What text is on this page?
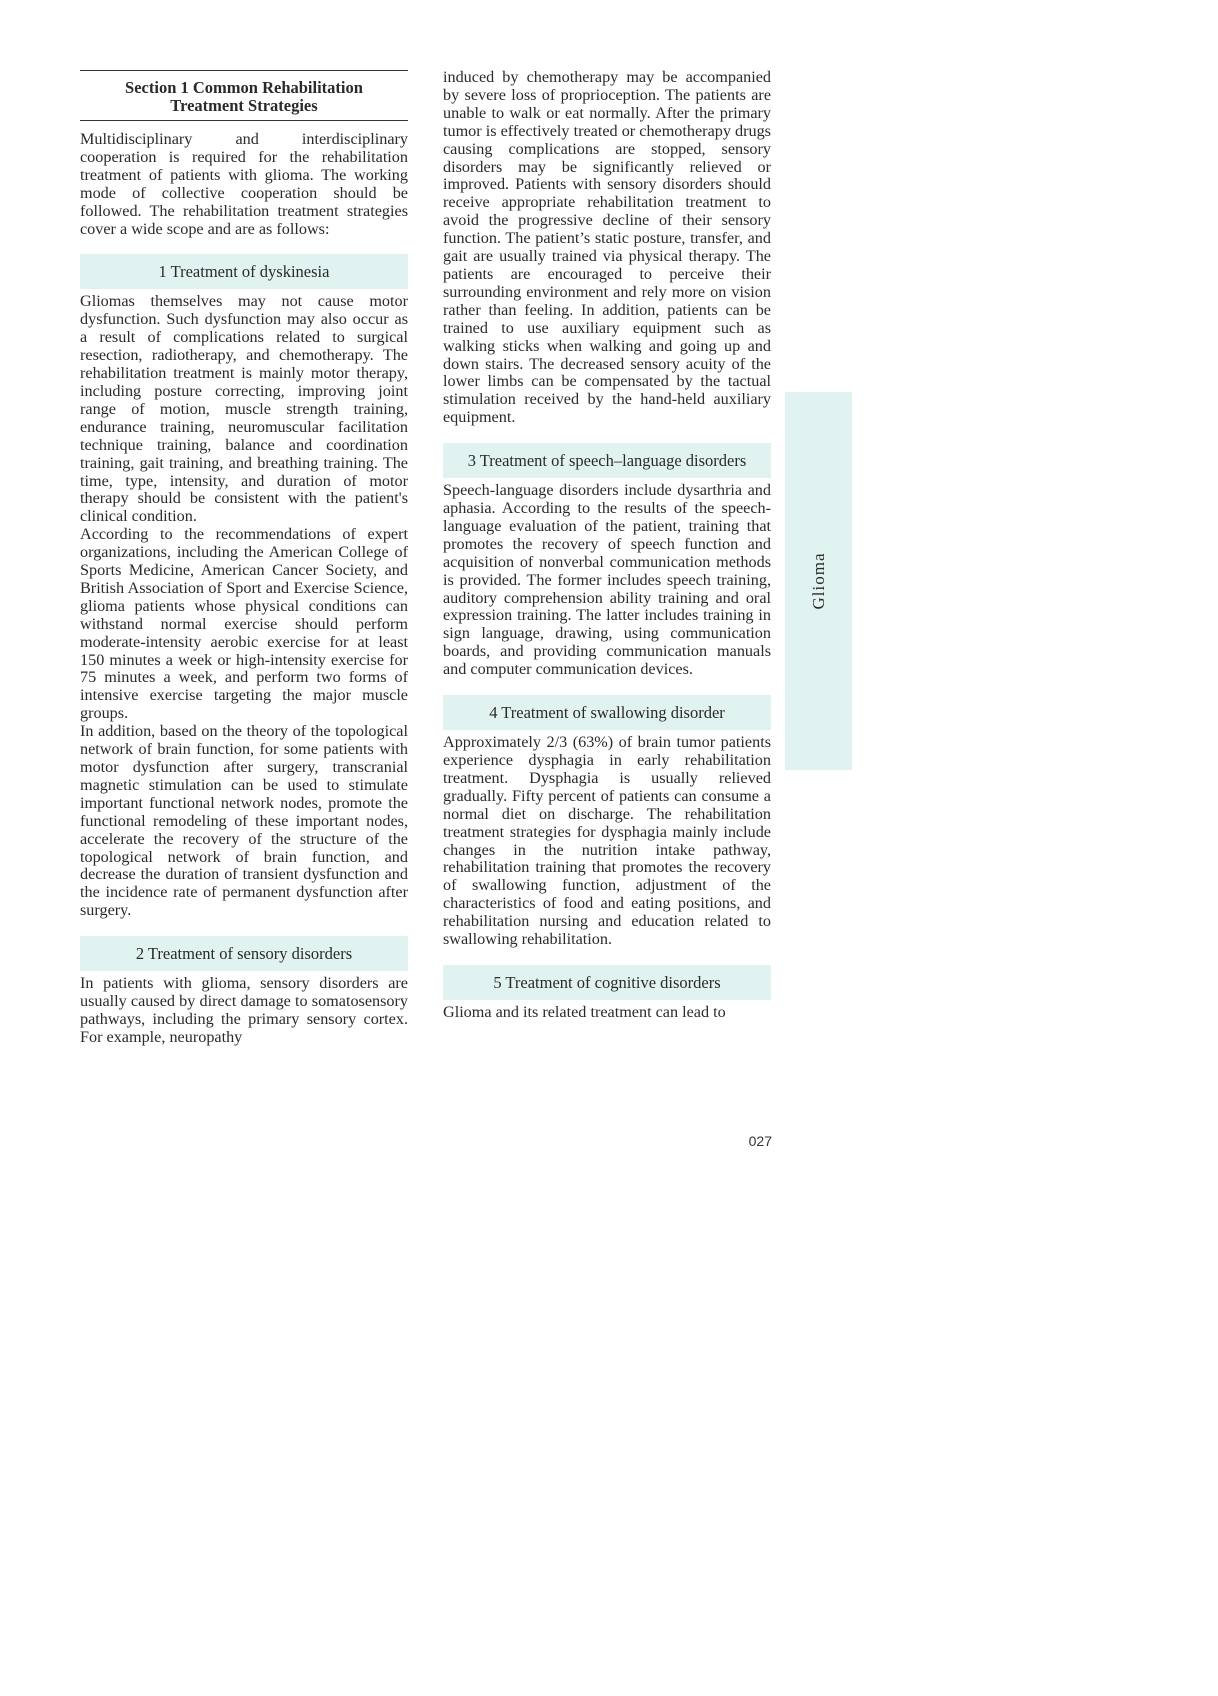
Section 1 Common Rehabilitation Treatment Strategies

Multidisciplinary and interdisciplinary cooperation is required for the rehabilitation treatment of patients with glioma. The working mode of collective cooperation should be followed. The rehabilitation treatment strategies cover a wide scope and are as follows:

1 Treatment of dyskinesia

Gliomas themselves may not cause motor dysfunction. Such dysfunction may also occur as a result of complications related to surgical resection, radiotherapy, and chemotherapy. The rehabilitation treatment is mainly motor therapy, including posture correcting, improving joint range of motion, muscle strength training, endurance training, neuromuscular facilitation technique training, balance and coordination training, gait training, and breathing training. The time, type, intensity, and duration of motor therapy should be consistent with the patient's clinical condition.

According to the recommendations of expert organizations, including the American College of Sports Medicine, American Cancer Society, and British Association of Sport and Exercise Science, glioma patients whose physical conditions can withstand normal exercise should perform moderate-intensity aerobic exercise for at least 150 minutes a week or high-intensity exercise for 75 minutes a week, and perform two forms of intensive exercise targeting the major muscle groups.

In addition, based on the theory of the topological network of brain function, for some patients with motor dysfunction after surgery, transcranial magnetic stimulation can be used to stimulate important functional network nodes, promote the functional remodeling of these important nodes, accelerate the recovery of the structure of the topological network of brain function, and decrease the duration of transient dysfunction and the incidence rate of permanent dysfunction after surgery.

2 Treatment of sensory disorders

In patients with glioma, sensory disorders are usually caused by direct damage to somatosensory pathways, including the primary sensory cortex. For example, neuropathy

induced by chemotherapy may be accompanied by severe loss of proprioception. The patients are unable to walk or eat normally. After the primary tumor is effectively treated or chemotherapy drugs causing complications are stopped, sensory disorders may be significantly relieved or improved. Patients with sensory disorders should receive appropriate rehabilitation treatment to avoid the progressive decline of their sensory function. The patient’s static posture, transfer, and gait are usually trained via physical therapy. The patients are encouraged to perceive their surrounding environment and rely more on vision rather than feeling. In addition, patients can be trained to use auxiliary equipment such as walking sticks when walking and going up and down stairs. The decreased sensory acuity of the lower limbs can be compensated by the tactual stimulation received by the hand-held auxiliary equipment.

3 Treatment of speech–language disorders

Speech-language disorders include dysarthria and aphasia. According to the results of the speech-language evaluation of the patient, training that promotes the recovery of speech function and acquisition of nonverbal communication methods is provided. The former includes speech training, auditory comprehension ability training and oral expression training. The latter includes training in sign language, drawing, using communication boards, and providing communication manuals and computer communication devices.

4 Treatment of swallowing disorder

Approximately 2/3 (63%) of brain tumor patients experience dysphagia in early rehabilitation treatment. Dysphagia is usually relieved gradually. Fifty percent of patients can consume a normal diet on discharge. The rehabilitation treatment strategies for dysphagia mainly include changes in the nutrition intake pathway, rehabilitation training that promotes the recovery of swallowing function, adjustment of the characteristics of food and eating positions, and rehabilitation nursing and education related to swallowing rehabilitation.

5 Treatment of cognitive disorders

Glioma and its related treatment can lead to

Glioma
027
